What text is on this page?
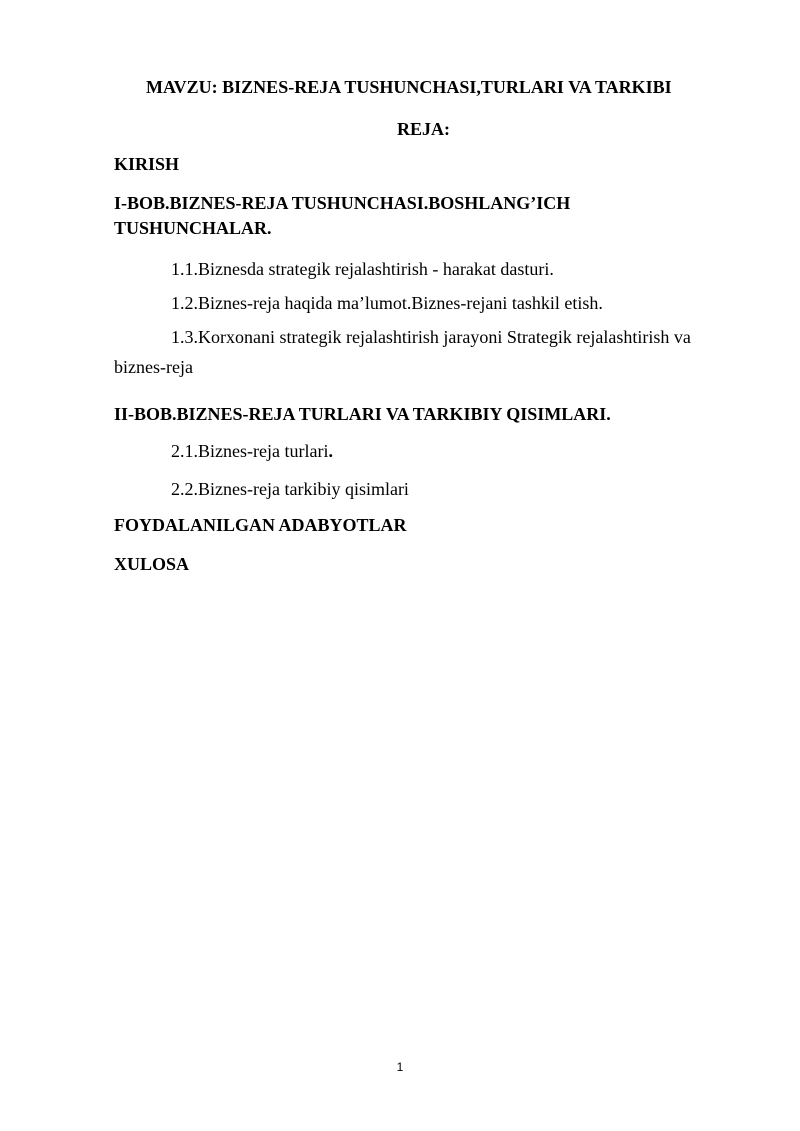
MAVZU: BIZNES-REJA TUSHUNCHASI,TURLARI VA TARKIBI
REJA:
KIRISH
I-BOB.BIZNES-REJA TUSHUNCHASI.BOSHLANG’ICH
TUSHUNCHALAR.
1.1.Biznesda strategik rejalashtirish - harakat dasturi.
1.2.Biznes-reja haqida ma’lumot.Biznes-rejani tashkil etish.
1.3.Korxonani strategik rejalashtirish jarayoni Strategik rejalashtirish va
biznes-reja
II-BOB.BIZNES-REJA TURLARI VA TARKIBIY QISIMLARI.
2.1.Biznes-reja turlari.
2.2.Biznes-reja tarkibiy qisimlari
FOYDALANILGAN ADABYOTLAR
XULOSA
1
